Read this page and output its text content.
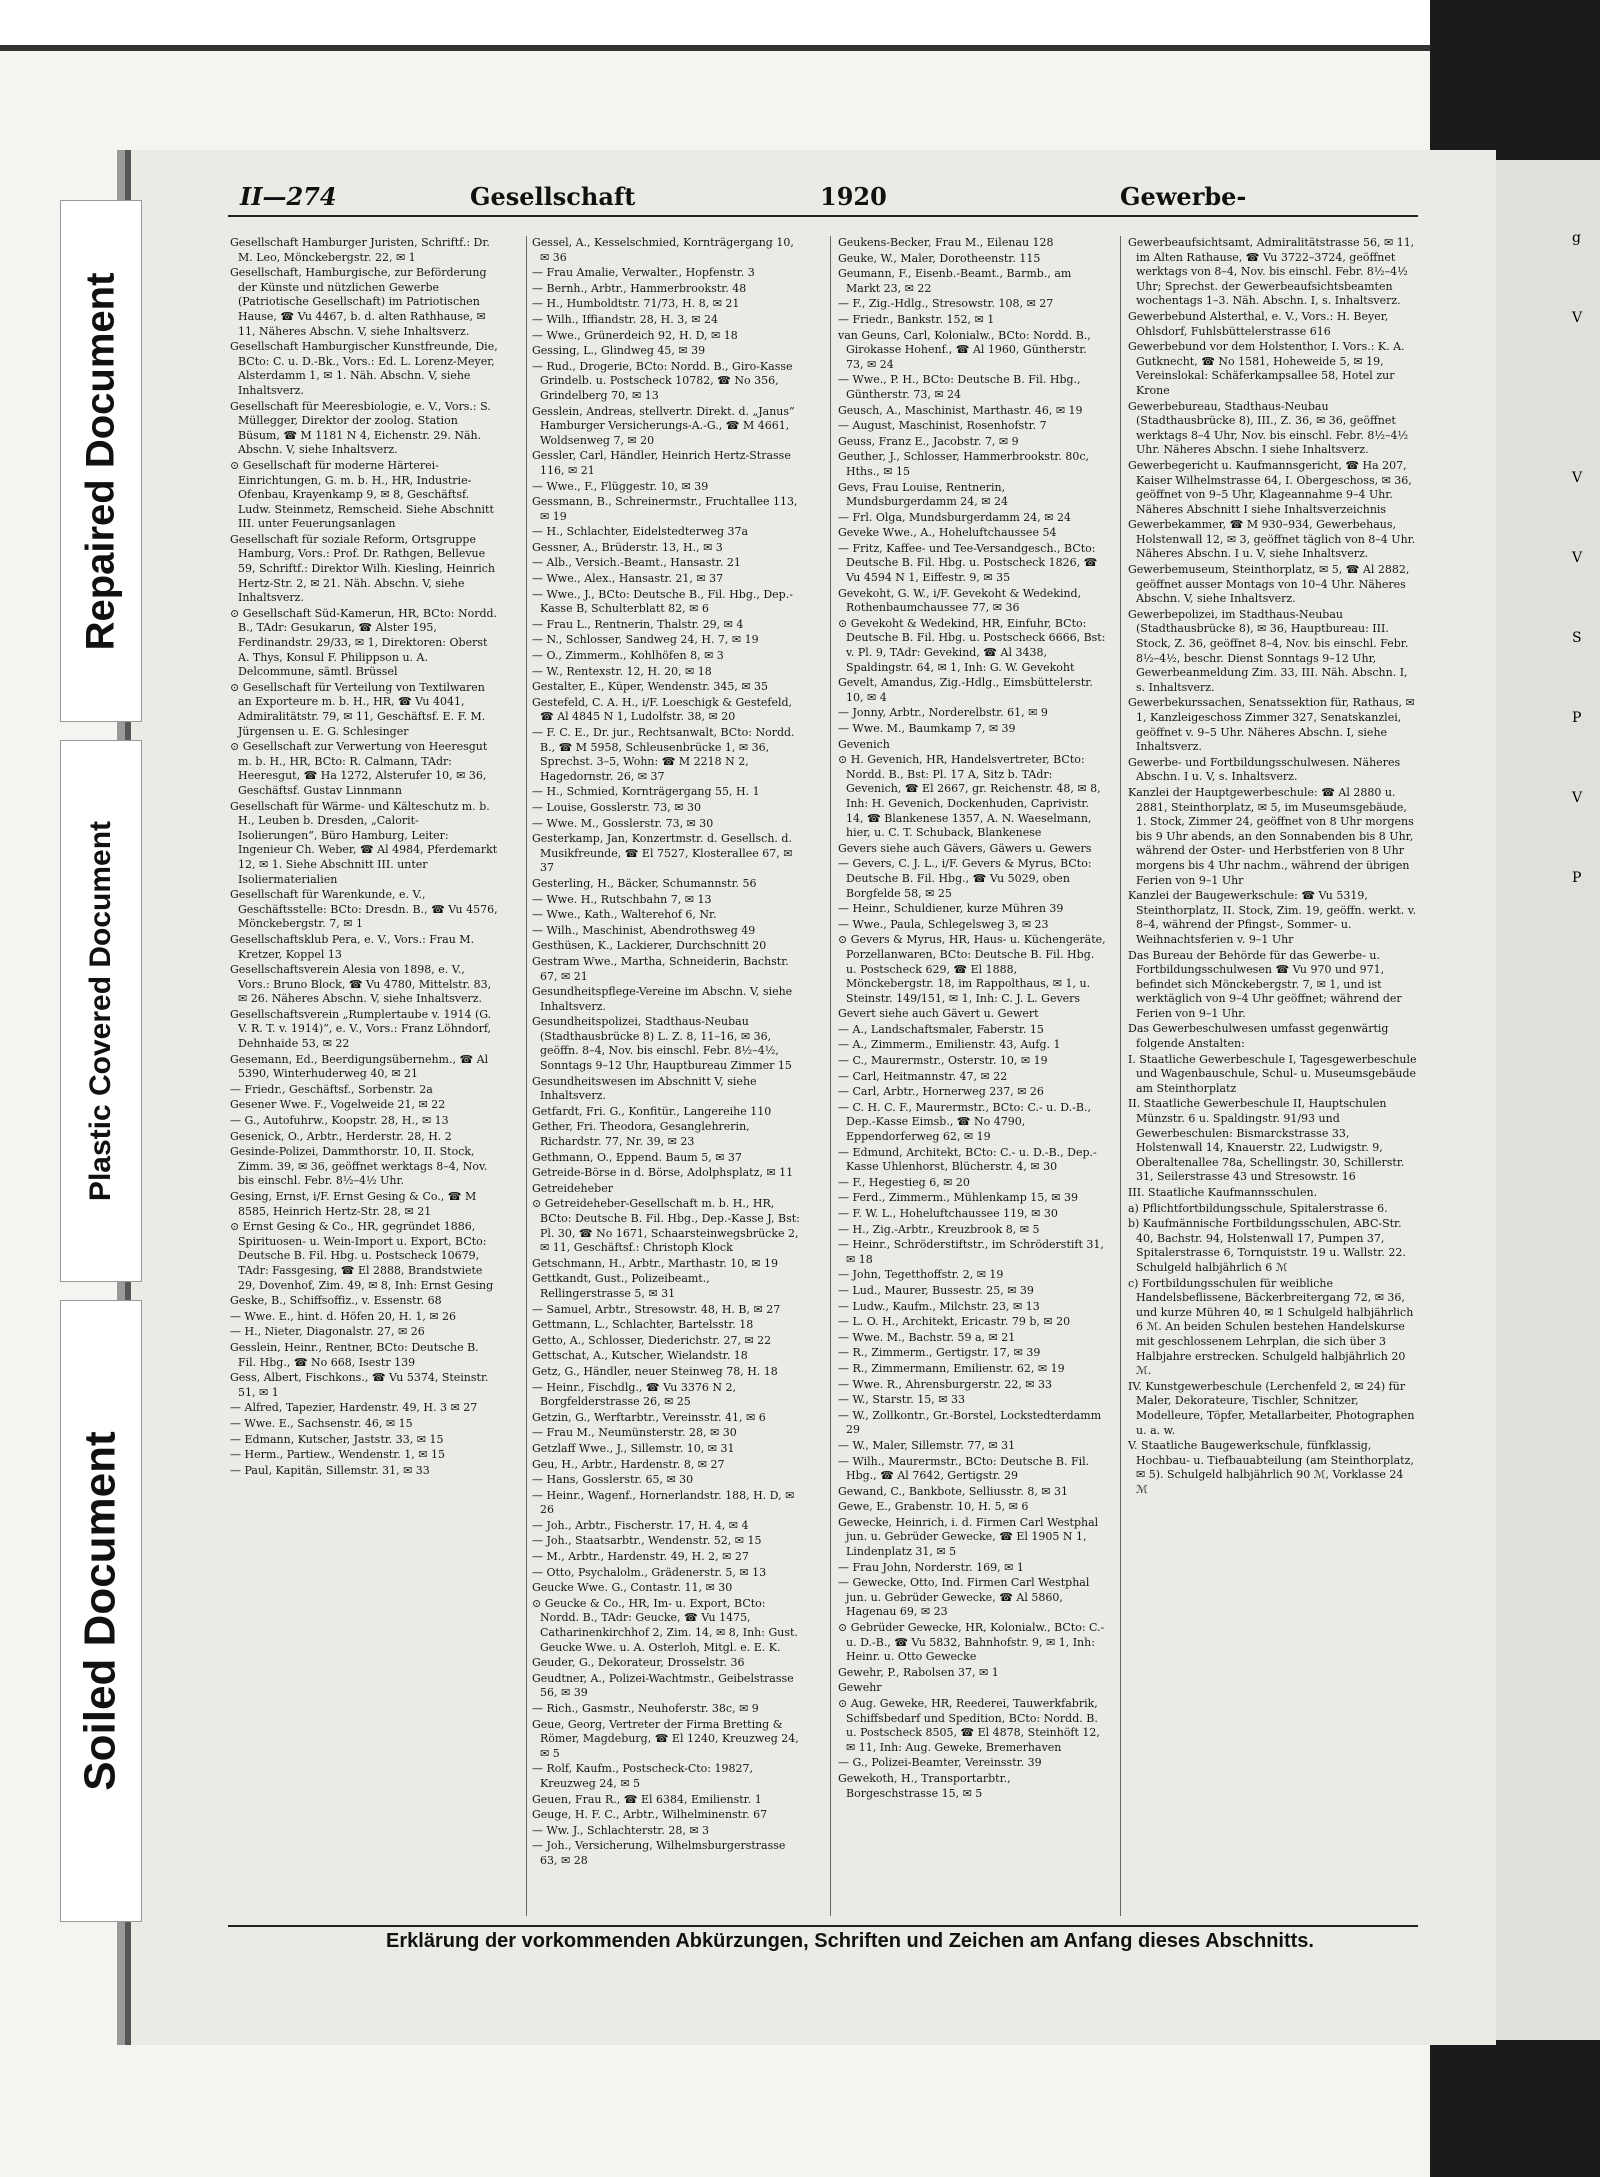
g
V
V
V
S
P
V
P
Repaired Document
Plastic Covered Document
Soiled Document
II—274	Gesellschaft	1920	Gewerbe-

Gesellschaft Hamburger Juristen, Schriftf.: Dr. M. Leo, Mönckebergstr. 22, ✉ 1

Gesellschaft, Hamburgische, zur Beförderung der Künste und nützlichen Gewerbe (Patriotische Gesellschaft) im Patriotischen Hause, ☎ Vu 4467, b. d. alten Rathhause, ✉ 11, Näheres Abschn. V, siehe Inhaltsverz.

Gesellschaft Hamburgischer Kunstfreunde, Die, BCto: C. u. D.-Bk., Vors.: Ed. L. Lorenz-Meyer, Alsterdamm 1, ✉ 1. Näh. Abschn. V, siehe Inhaltsverz.

Gesellschaft für Meeresbiologie, e. V., Vors.: S. Müllegger, Direktor der zoolog. Station Büsum, ☎ M 1181 N 4, Eichenstr. 29. Näh. Abschn. V, siehe Inhaltsverz.

⊙ Gesellschaft für moderne Härterei-Einrichtungen, G. m. b. H., HR, Industrie-Ofenbau, Krayenkamp 9, ✉ 8, Geschäftsf. Ludw. Steinmetz, Remscheid. Siehe Abschnitt III. unter Feuerungsanlagen

Gesellschaft für soziale Reform, Ortsgruppe Hamburg, Vors.: Prof. Dr. Rathgen, Bellevue 59, Schriftf.: Direktor Wilh. Kiesling, Heinrich Hertz-Str. 2, ✉ 21. Näh. Abschn. V, siehe Inhaltsverz.

⊙ Gesellschaft Süd-Kamerun, HR, BCto: Nordd. B., TAdr: Gesukarun, ☎ Alster 195, Ferdinandstr. 29/33, ✉ 1, Direktoren: Oberst A. Thys, Konsul F. Philippson u. A. Delcommune, sämtl. Brüssel

⊙ Gesellschaft für Verteilung von Textilwaren an Exporteure m. b. H., HR, ☎ Vu 4041, Admiralitätstr. 79, ✉ 11, Geschäftsf. E. F. M. Jürgensen u. E. G. Schlesinger

⊙ Gesellschaft zur Verwertung von Heeresgut m. b. H., HR, BCto: R. Calmann, TAdr: Heeresgut, ☎ Ha 1272, Alsterufer 10, ✉ 36, Geschäftsf. Gustav Linnmann

Gesellschaft für Wärme- und Kälteschutz m. b. H., Leuben b. Dresden, „Calorit-Isolierungen“, Büro Hamburg, Leiter: Ingenieur Ch. Weber, ☎ Al 4984, Pferdemarkt 12, ✉ 1. Siehe Abschnitt III. unter Isoliermaterialien

Gesellschaft für Warenkunde, e. V., Geschäftsstelle: BCto: Dresdn. B., ☎ Vu 4576, Mönckebergstr. 7, ✉ 1

Gesellschaftsklub Pera, e. V., Vors.: Frau M. Kretzer, Koppel 13

Gesellschaftsverein Alesia von 1898, e. V., Vors.: Bruno Block, ☎ Vu 4780, Mittelstr. 83, ✉ 26. Näheres Abschn. V, siehe Inhaltsverz.

Gesellschaftsverein „Rumplertaube v. 1914 (G. V. R. T. v. 1914)“, e. V., Vors.: Franz Löhndorf, Dehnhaide 53, ✉ 22

Gesemann, Ed., Beerdigungsübernehm., ☎ Al 5390, Winterhuderweg 40, ✉ 21

— Friedr., Geschäftsf., Sorbenstr. 2a

Gesener Wwe. F., Vogelweide 21, ✉ 22

— G., Autofuhrw., Koopstr. 28, H., ✉ 13

Gesenick, O., Arbtr., Herderstr. 28, H. 2

Gesinde-Polizei, Dammthorstr. 10, II. Stock, Zimm. 39, ✉ 36, geöffnet werktags 8–4, Nov. bis einschl. Febr. 8½–4½ Uhr.

Gesing, Ernst, i/F. Ernst Gesing & Co., ☎ M 8585, Heinrich Hertz-Str. 28, ✉ 21

⊙ Ernst Gesing & Co., HR, gegründet 1886, Spirituosen- u. Wein-Import u. Export, BCto: Deutsche B. Fil. Hbg. u. Postscheck 10679, TAdr: Fassgesing, ☎ El 2888, Brandstwiete 29, Dovenhof, Zim. 49, ✉ 8, Inh: Ernst Gesing

Geske, B., Schiffsoffiz., v. Essenstr. 68

— Wwe. E., hint. d. Höfen 20, H. 1, ✉ 26

— H., Nieter, Diagonalstr. 27, ✉ 26

Gesslein, Heinr., Rentner, BCto: Deutsche B. Fil. Hbg., ☎ No 668, Isestr 139

Gess, Albert, Fischkons., ☎ Vu 5374, Steinstr. 51, ✉ 1

— Alfred, Tapezier, Hardenstr. 49, H. 3 ✉ 27

— Wwe. E., Sachsenstr. 46, ✉ 15

— Edmann, Kutscher, Jaststr. 33, ✉ 15

— Herm., Partiew., Wendenstr. 1, ✉ 15

— Paul, Kapitän, Sillemstr. 31, ✉ 33

Gessel, A., Kesselschmied, Kornträgergang 10, ✉ 36

— Frau Amalie, Verwalter., Hopfenstr. 3

— Bernh., Arbtr., Hammerbrookstr. 48

— H., Humboldtstr. 71/73, H. 8, ✉ 21

— Wilh., Iffiandstr. 28, H. 3, ✉ 24

— Wwe., Grünerdeich 92, H. D, ✉ 18

Gessing, L., Glindweg 45, ✉ 39

— Rud., Drogerie, BCto: Nordd. B., Giro-Kasse Grindelb. u. Postscheck 10782, ☎ No 356, Grindelberg 70, ✉ 13

Gesslein, Andreas, stellvertr. Direkt. d. „Janus“ Hamburger Versicherungs-A.-G., ☎ M 4661, Woldsenweg 7, ✉ 20

Gessler, Carl, Händler, Heinrich Hertz-Strasse 116, ✉ 21

— Wwe., F., Flüggestr. 10, ✉ 39

Gessmann, B., Schreinermstr., Fruchtallee 113, ✉ 19

— H., Schlachter, Eidelstedterweg 37a

Gessner, A., Brüderstr. 13, H., ✉ 3

— Alb., Versich.-Beamt., Hansastr. 21

— Wwe., Alex., Hansastr. 21, ✉ 37

— Wwe., J., BCto: Deutsche B., Fil. Hbg., Dep.-Kasse B, Schulterblatt 82, ✉ 6

— Frau L., Rentnerin, Thalstr. 29, ✉ 4

— N., Schlosser, Sandweg 24, H. 7, ✉ 19

— O., Zimmerm., Kohlhöfen 8, ✉ 3

— W., Rentexstr. 12, H. 20, ✉ 18

Gestalter, E., Küper, Wendenstr. 345, ✉ 35

Gestefeld, C. A. H., i/F. Loeschigk & Gestefeld, ☎ Al 4845 N 1, Ludolfstr. 38, ✉ 20

— F. C. E., Dr. jur., Rechtsanwalt, BCto: Nordd. B., ☎ M 5958, Schleusenbrücke 1, ✉ 36, Sprechst. 3–5, Wohn: ☎ M 2218 N 2, Hagedornstr. 26, ✉ 37

— H., Schmied, Kornträgergang 55, H. 1

— Louise, Gosslerstr. 73, ✉ 30

— Wwe. M., Gosslerstr. 73, ✉ 30

Gesterkamp, Jan, Konzertmstr. d. Gesellsch. d. Musikfreunde, ☎ El 7527, Klosterallee 67, ✉ 37

Gesterling, H., Bäcker, Schumannstr. 56

— Wwe. H., Rutschbahn 7, ✉ 13

— Wwe., Kath., Walterehof 6, Nr.

— Wilh., Maschinist, Abendrothsweg 49

Gesthüsen, K., Lackierer, Durchschnitt 20

Gestram Wwe., Martha, Schneiderin, Bachstr. 67, ✉ 21

Gesundheitspflege-Vereine im Abschn. V, siehe Inhaltsverz.

Gesundheitspolizei, Stadthaus-Neubau (Stadthausbrücke 8) L. Z. 8, 11–16, ✉ 36, geöffn. 8–4, Nov. bis einschl. Febr. 8½–4½, Sonntags 9–12 Uhr, Hauptbureau Zimmer 15

Gesundheitswesen im Abschnitt V, siehe Inhaltsverz.

Getfardt, Fri. G., Konfitür., Langereihe 110

Gether, Fri. Theodora, Gesanglehrerin, Richardstr. 77, Nr. 39, ✉ 23

Gethmann, O., Eppend. Baum 5, ✉ 37

Getreide-Börse in d. Börse, Adolphsplatz, ✉ 11

Getreideheber

⊙ Getreideheber-Gesellschaft m. b. H., HR, BCto: Deutsche B. Fil. Hbg., Dep.-Kasse J, Bst: Pl. 30, ☎ No 1671, Schaarsteinwegsbrücke 2, ✉ 11, Geschäftsf.: Christoph Klock

Getschmann, H., Arbtr., Marthastr. 10, ✉ 19

Gettkandt, Gust., Polizeibeamt., Rellingerstrasse 5, ✉ 31

— Samuel, Arbtr., Stresowstr. 48, H. B, ✉ 27

Gettmann, L., Schlachter, Bartelsstr. 18

Getto, A., Schlosser, Diederichstr. 27, ✉ 22

Gettschat, A., Kutscher, Wielandstr. 18

Getz, G., Händler, neuer Steinweg 78, H. 18

— Heinr., Fischdlg., ☎ Vu 3376 N 2, Borgfelderstrasse 26, ✉ 25

Getzin, G., Werftarbtr., Vereinsstr. 41, ✉ 6

— Frau M., Neumünsterstr. 28, ✉ 30

Getzlaff Wwe., J., Sillemstr. 10, ✉ 31

Geu, H., Arbtr., Hardenstr. 8, ✉ 27

— Hans, Gosslerstr. 65, ✉ 30

— Heinr., Wagenf., Hornerlandstr. 188, H. D, ✉ 26

— Joh., Arbtr., Fischerstr. 17, H. 4, ✉ 4

— Joh., Staatsarbtr., Wendenstr. 52, ✉ 15

— M., Arbtr., Hardenstr. 49, H. 2, ✉ 27

— Otto, Psychalolm., Grädenerstr. 5, ✉ 13

Geucke Wwe. G., Contastr. 11, ✉ 30

⊙ Geucke & Co., HR, Im- u. Export, BCto: Nordd. B., TAdr: Geucke, ☎ Vu 1475, Catharinenkirchhof 2, Zim. 14, ✉ 8, Inh: Gust. Geucke Wwe. u. A. Osterloh, Mitgl. e. E. K.

Geuder, G., Dekorateur, Drosselstr. 36

Geudtner, A., Polizei-Wachtmstr., Geibelstrasse 56, ✉ 39

— Rich., Gasmstr., Neuhoferstr. 38c, ✉ 9

Geue, Georg, Vertreter der Firma Bretting & Römer, Magdeburg, ☎ El 1240, Kreuzweg 24, ✉ 5

— Rolf, Kaufm., Postscheck-Cto: 19827, Kreuzweg 24, ✉ 5

Geuen, Frau R., ☎ El 6384, Emilienstr. 1

Geuge, H. F. C., Arbtr., Wilhelminenstr. 67

— Ww. J., Schlachterstr. 28, ✉ 3

— Joh., Versicherung, Wilhelmsburgerstrasse 63, ✉ 28

Geukens-Becker, Frau M., Eilenau 128

Geuke, W., Maler, Dorotheenstr. 115

Geumann, F., Eisenb.-Beamt., Barmb., am Markt 23, ✉ 22

— F., Zig.-Hdlg., Stresowstr. 108, ✉ 27

— Friedr., Bankstr. 152, ✉ 1

van Geuns, Carl, Kolonialw., BCto: Nordd. B., Girokasse Hohenf., ☎ Al 1960, Güntherstr. 73, ✉ 24

— Wwe., P. H., BCto: Deutsche B. Fil. Hbg., Güntherstr. 73, ✉ 24

Geusch, A., Maschinist, Marthastr. 46, ✉ 19

— August, Maschinist, Rosenhofstr. 7

Geuss, Franz E., Jacobstr. 7, ✉ 9

Geuther, J., Schlosser, Hammerbrookstr. 80c, Hths., ✉ 15

Gevs, Frau Louise, Rentnerin, Mundsburgerdamm 24, ✉ 24

— Frl. Olga, Mundsburgerdamm 24, ✉ 24

Geveke Wwe., A., Hoheluftchaussee 54

— Fritz, Kaffee- und Tee-Versandgesch., BCto: Deutsche B. Fil. Hbg. u. Postscheck 1826, ☎ Vu 4594 N 1, Eiffestr. 9, ✉ 35

Gevekoht, G. W., i/F. Gevekoht & Wedekind, Rothenbaumchaussee 77, ✉ 36

⊙ Gevekoht & Wedekind, HR, Einfuhr, BCto: Deutsche B. Fil. Hbg. u. Postscheck 6666, Bst: v. Pl. 9, TAdr: Gevekind, ☎ Al 3438, Spaldingstr. 64, ✉ 1, Inh: G. W. Gevekoht

Gevelt, Amandus, Zig.-Hdlg., Eimsbüttelerstr. 10, ✉ 4

— Jonny, Arbtr., Norderelbstr. 61, ✉ 9

— Wwe. M., Baumkamp 7, ✉ 39

Gevenich

⊙ H. Gevenich, HR, Handelsvertreter, BCto: Nordd. B., Bst: Pl. 17 A, Sitz b. TAdr: Gevenich, ☎ El 2667, gr. Reichenstr. 48, ✉ 8, Inh: H. Gevenich, Dockenhuden, Caprivistr. 14, ☎ Blankenese 1357, A. N. Waeselmann, hier, u. C. T. Schuback, Blankenese

Gevers siehe auch Gävers, Gäwers u. Gewers

— Gevers, C. J. L., i/F. Gevers & Myrus, BCto: Deutsche B. Fil. Hbg., ☎ Vu 5029, oben Borgfelde 58, ✉ 25

— Heinr., Schuldiener, kurze Mühren 39

— Wwe., Paula, Schlegelsweg 3, ✉ 23

⊙ Gevers & Myrus, HR, Haus- u. Küchengeräte, Porzellanwaren, BCto: Deutsche B. Fil. Hbg. u. Postscheck 629, ☎ El 1888, Mönckebergstr. 18, im Rappolthaus, ✉ 1, u. Steinstr. 149/151, ✉ 1, Inh: C. J. L. Gevers

Gevert siehe auch Gävert u. Gewert

— A., Landschaftsmaler, Faberstr. 15

— A., Zimmerm., Emilienstr. 43, Aufg. 1

— C., Maurermstr., Osterstr. 10, ✉ 19

— Carl, Heitmannstr. 47, ✉ 22

— Carl, Arbtr., Hornerweg 237, ✉ 26

— C. H. C. F., Maurermstr., BCto: C.- u. D.-B., Dep.-Kasse Eimsb., ☎ No 4790, Eppendorferweg 62, ✉ 19

— Edmund, Architekt, BCto: C.- u. D.-B., Dep.-Kasse Uhlenhorst, Blücherstr. 4, ✉ 30

— F., Hegestieg 6, ✉ 20

— Ferd., Zimmerm., Mühlenkamp 15, ✉ 39

— F. W. L., Hoheluftchaussee 119, ✉ 30

— H., Zig.-Arbtr., Kreuzbrook 8, ✉ 5

— Heinr., Schröderstiftstr., im Schröderstift 31, ✉ 18

— John, Tegetthoffstr. 2, ✉ 19

— Lud., Maurer, Bussestr. 25, ✉ 39

— Ludw., Kaufm., Milchstr. 23, ✉ 13

— L. O. H., Architekt, Ericastr. 79 b, ✉ 20

— Wwe. M., Bachstr. 59 a, ✉ 21

— R., Zimmerm., Gertigstr. 17, ✉ 39

— R., Zimmermann, Emilienstr. 62, ✉ 19

— Wwe. R., Ahrensburgerstr. 22, ✉ 33

— W., Starstr. 15, ✉ 33

— W., Zollkontr., Gr.-Borstel, Lockstedterdamm 29

— W., Maler, Sillemstr. 77, ✉ 31

— Wilh., Maurermstr., BCto: Deutsche B. Fil. Hbg., ☎ Al 7642, Gertigstr. 29

Gewand, C., Bankbote, Selliusstr. 8, ✉ 31

Gewe, E., Grabenstr. 10, H. 5, ✉ 6

Gewecke, Heinrich, i. d. Firmen Carl Westphal jun. u. Gebrüder Gewecke, ☎ El 1905 N 1, Lindenplatz 31, ✉ 5

— Frau John, Norderstr. 169, ✉ 1

— Gewecke, Otto, Ind. Firmen Carl Westphal jun. u. Gebrüder Gewecke, ☎ Al 5860, Hagenau 69, ✉ 23

⊙ Gebrüder Gewecke, HR, Kolonialw., BCto: C.- u. D.-B., ☎ Vu 5832, Bahnhofstr. 9, ✉ 1, Inh: Heinr. u. Otto Gewecke

Gewehr, P., Rabolsen 37, ✉ 1

Gewehr

⊙ Aug. Geweke, HR, Reederei, Tauwerkfabrik, Schiffsbedarf und Spedition, BCto: Nordd. B. u. Postscheck 8505, ☎ El 4878, Steinhöft 12, ✉ 11, Inh: Aug. Geweke, Bremerhaven

— G., Polizei-Beamter, Vereinsstr. 39

Gewekoth, H., Transportarbtr., Borgeschstrasse 15, ✉ 5

Gewerbeaufsichtsamt, Admiralitätstrasse 56, ✉ 11, im Alten Rathause, ☎ Vu 3722–3724, geöffnet werktags von 8–4, Nov. bis einschl. Febr. 8½–4½ Uhr; Sprechst. der Gewerbeaufsichtsbeamten wochentags 1–3. Näh. Abschn. I, s. Inhaltsverz.

Gewerbebund Alsterthal, e. V., Vors.: H. Beyer, Ohlsdorf, Fuhlsbüttelerstrasse 616

Gewerbebund vor dem Holstenthor, I. Vors.: K. A. Gutknecht, ☎ No 1581, Hoheweide 5, ✉ 19, Vereinslokal: Schäferkampsallee 58, Hotel zur Krone

Gewerbebureau, Stadthaus-Neubau (Stadthausbrücke 8), III., Z. 36, ✉ 36, geöffnet werktags 8–4 Uhr, Nov. bis einschl. Febr. 8½–4½ Uhr. Näheres Abschn. I siehe Inhaltsverz.

Gewerbegericht u. Kaufmannsgericht, ☎ Ha 207, Kaiser Wilhelmstrasse 64, I. Obergeschoss, ✉ 36, geöffnet von 9–5 Uhr, Klageannahme 9–4 Uhr. Näheres Abschnitt I siehe Inhaltsverzeichnis

Gewerbekammer, ☎ M 930–934, Gewerbehaus, Holstenwall 12, ✉ 3, geöffnet täglich von 8–4 Uhr. Näheres Abschn. I u. V, siehe Inhaltsverz.

Gewerbemuseum, Steinthorplatz, ✉ 5, ☎ Al 2882, geöffnet ausser Montags von 10–4 Uhr. Näheres Abschn. V, siehe Inhaltsverz.

Gewerbepolizei, im Stadthaus-Neubau (Stadthausbrücke 8), ✉ 36, Hauptbureau: III. Stock, Z. 36, geöffnet 8–4, Nov. bis einschl. Febr. 8½–4½, beschr. Dienst Sonntags 9–12 Uhr, Gewerbeanmeldung Zim. 33, III. Näh. Abschn. I, s. Inhaltsverz.

Gewerbekurssachen, Senatssektion für, Rathaus, ✉ 1, Kanzleigeschoss Zimmer 327, Senatskanzlei, geöffnet v. 9–5 Uhr. Näheres Abschn. I, siehe Inhaltsverz.

Gewerbe- und Fortbildungsschulwesen. Näheres Abschn. I u. V, s. Inhaltsverz.

Kanzlei der Hauptgewerbeschule: ☎ Al 2880 u. 2881, Steinthorplatz, ✉ 5, im Museumsgebäude, 1. Stock, Zimmer 24, geöffnet von 8 Uhr morgens bis 9 Uhr abends, an den Sonnabenden bis 8 Uhr, während der Oster- und Herbstferien von 8 Uhr morgens bis 4 Uhr nachm., während der übrigen Ferien von 9–1 Uhr

Kanzlei der Baugewerkschule: ☎ Vu 5319, Steinthorplatz, II. Stock, Zim. 19, geöffn. werkt. v. 8–4, während der Pfingst-, Sommer- u. Weihnachtsferien v. 9–1 Uhr

Das Bureau der Behörde für das Gewerbe- u. Fortbildungsschulwesen ☎ Vu 970 und 971, befindet sich Mönckebergstr. 7, ✉ 1, und ist werktäglich von 9–4 Uhr geöffnet; während der Ferien von 9–1 Uhr.

Das Gewerbeschulwesen umfasst gegenwärtig folgende Anstalten:

I. Staatliche Gewerbeschule I, Tagesgewerbeschule und Wagenbauschule, Schul- u. Museumsgebäude am Steinthorplatz

II. Staatliche Gewerbeschule II, Hauptschulen Münzstr. 6 u. Spaldingstr. 91/93 und Gewerbeschulen: Bismarckstrasse 33, Holstenwall 14, Knauerstr. 22, Ludwigstr. 9, Oberaltenallee 78a, Schellingstr. 30, Schillerstr. 31, Seilerstrasse 43 und Stresowstr. 16

III. Staatliche Kaufmannsschulen.

a) Pflichtfortbildungsschule, Spitalerstrasse 6.

b) Kaufmännische Fortbildungsschulen, ABC-Str. 40, Bachstr. 94, Holstenwall 17, Pumpen 37, Spitalerstrasse 6, Tornquiststr. 19 u. Wallstr. 22. Schulgeld halbjährlich 6 ℳ

c) Fortbildungsschulen für weibliche Handelsbeflissene, Bäckerbreitergang 72, ✉ 36, und kurze Mühren 40, ✉ 1 Schulgeld halbjährlich 6 ℳ. An beiden Schulen bestehen Handelskurse mit geschlossenem Lehrplan, die sich über 3 Halbjahre erstrecken. Schulgeld halbjährlich 20 ℳ.

IV. Kunstgewerbeschule (Lerchenfeld 2, ✉ 24) für Maler, Dekorateure, Tischler, Schnitzer, Modelleure, Töpfer, Metallarbeiter, Photographen u. a. w.

V. Staatliche Baugewerkschule, fünfklassig, Hochbau- u. Tiefbauabteilung (am Steinthorplatz, ✉ 5). Schulgeld halbjährlich 90 ℳ, Vorklasse 24 ℳ

Erklärung der vorkommenden Abkürzungen, Schriften und Zeichen am Anfang dieses Abschnitts.
